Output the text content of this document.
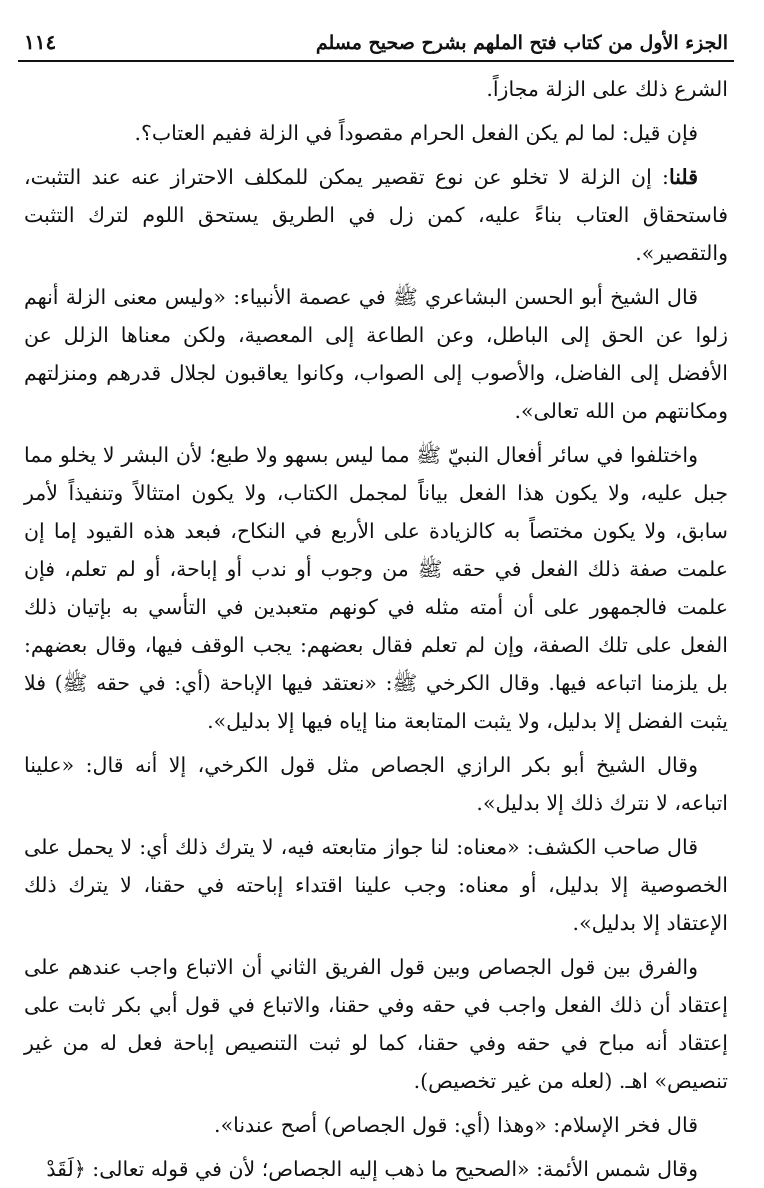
الجزء الأول من كتاب فتح الملهم بشرح صحيح مسلم
١١٤

الشرع ذلك على الزلة مجازاً.

فإن قيل: لما لم يكن الفعل الحرام مقصوداً في الزلة ففيم العتاب؟.

قلنا: إن الزلة لا تخلو عن نوع تقصير يمكن للمكلف الاحتراز عنه عند التثبت، فاستحقاق العتاب بناءً عليه، كمن زل في الطريق يستحق اللوم لترك التثبت والتقصير».

قال الشيخ أبو الحسن البشاعري ﷺ في عصمة الأنبياء: «وليس معنى الزلة أنهم زلوا عن الحق إلى الباطل، وعن الطاعة إلى المعصية، ولكن معناها الزلل عن الأفضل إلى الفاضل، والأصوب إلى الصواب، وكانوا يعاقبون لجلال قدرهم ومنزلتهم ومكانتهم من الله تعالى».

واختلفوا في سائر أفعال النبيّ ﷺ مما ليس بسهو ولا طبع؛ لأن البشر لا يخلو مما جبل عليه، ولا يكون هذا الفعل بياناً لمجمل الكتاب، ولا يكون امتثالاً وتنفيذاً لأمر سابق، ولا يكون مختصاً به كالزيادة على الأربع في النكاح، فبعد هذه القيود إما إن علمت صفة ذلك الفعل في حقه ﷺ من وجوب أو ندب أو إباحة، أو لم تعلم، فإن علمت فالجمهور على أن أمته مثله في كونهم متعبدين في التأسي به بإتيان ذلك الفعل على تلك الصفة، وإن لم تعلم فقال بعضهم: يجب الوقف فيها، وقال بعضهم: بل يلزمنا اتباعه فيها. وقال الكرخي ﷺ: «نعتقد فيها الإباحة (أي: في حقه ﷺ) فلا يثبت الفضل إلا بدليل، ولا يثبت المتابعة منا إياه فيها إلا بدليل».

وقال الشيخ أبو بكر الرازي الجصاص مثل قول الكرخي، إلا أنه قال: «علينا اتباعه، لا نترك ذلك إلا بدليل».

قال صاحب الكشف: «معناه: لنا جواز متابعته فيه، لا يترك ذلك أي: لا يحمل على الخصوصية إلا بدليل، أو معناه: وجب علينا اقتداء إباحته في حقنا، لا يترك ذلك الإعتقاد إلا بدليل».

والفرق بين قول الجصاص وبين قول الفريق الثاني أن الاتباع واجب عندهم على إعتقاد أن ذلك الفعل واجب في حقه وفي حقنا، والاتباع في قول أبي بكر ثابت على إعتقاد أنه مباح في حقه وفي حقنا، كما لو ثبت التنصيص إباحة فعل له من غير تنصيص» اهـ. (لعله من غير تخصيص).

قال فخر الإسلام: «وهذا (أي: قول الجصاص) أصح عندنا».

وقال شمس الأئمة: «الصحيح ما ذهب إليه الجصاص؛ لأن في قوله تعالى: ﴿لَقَدْ
